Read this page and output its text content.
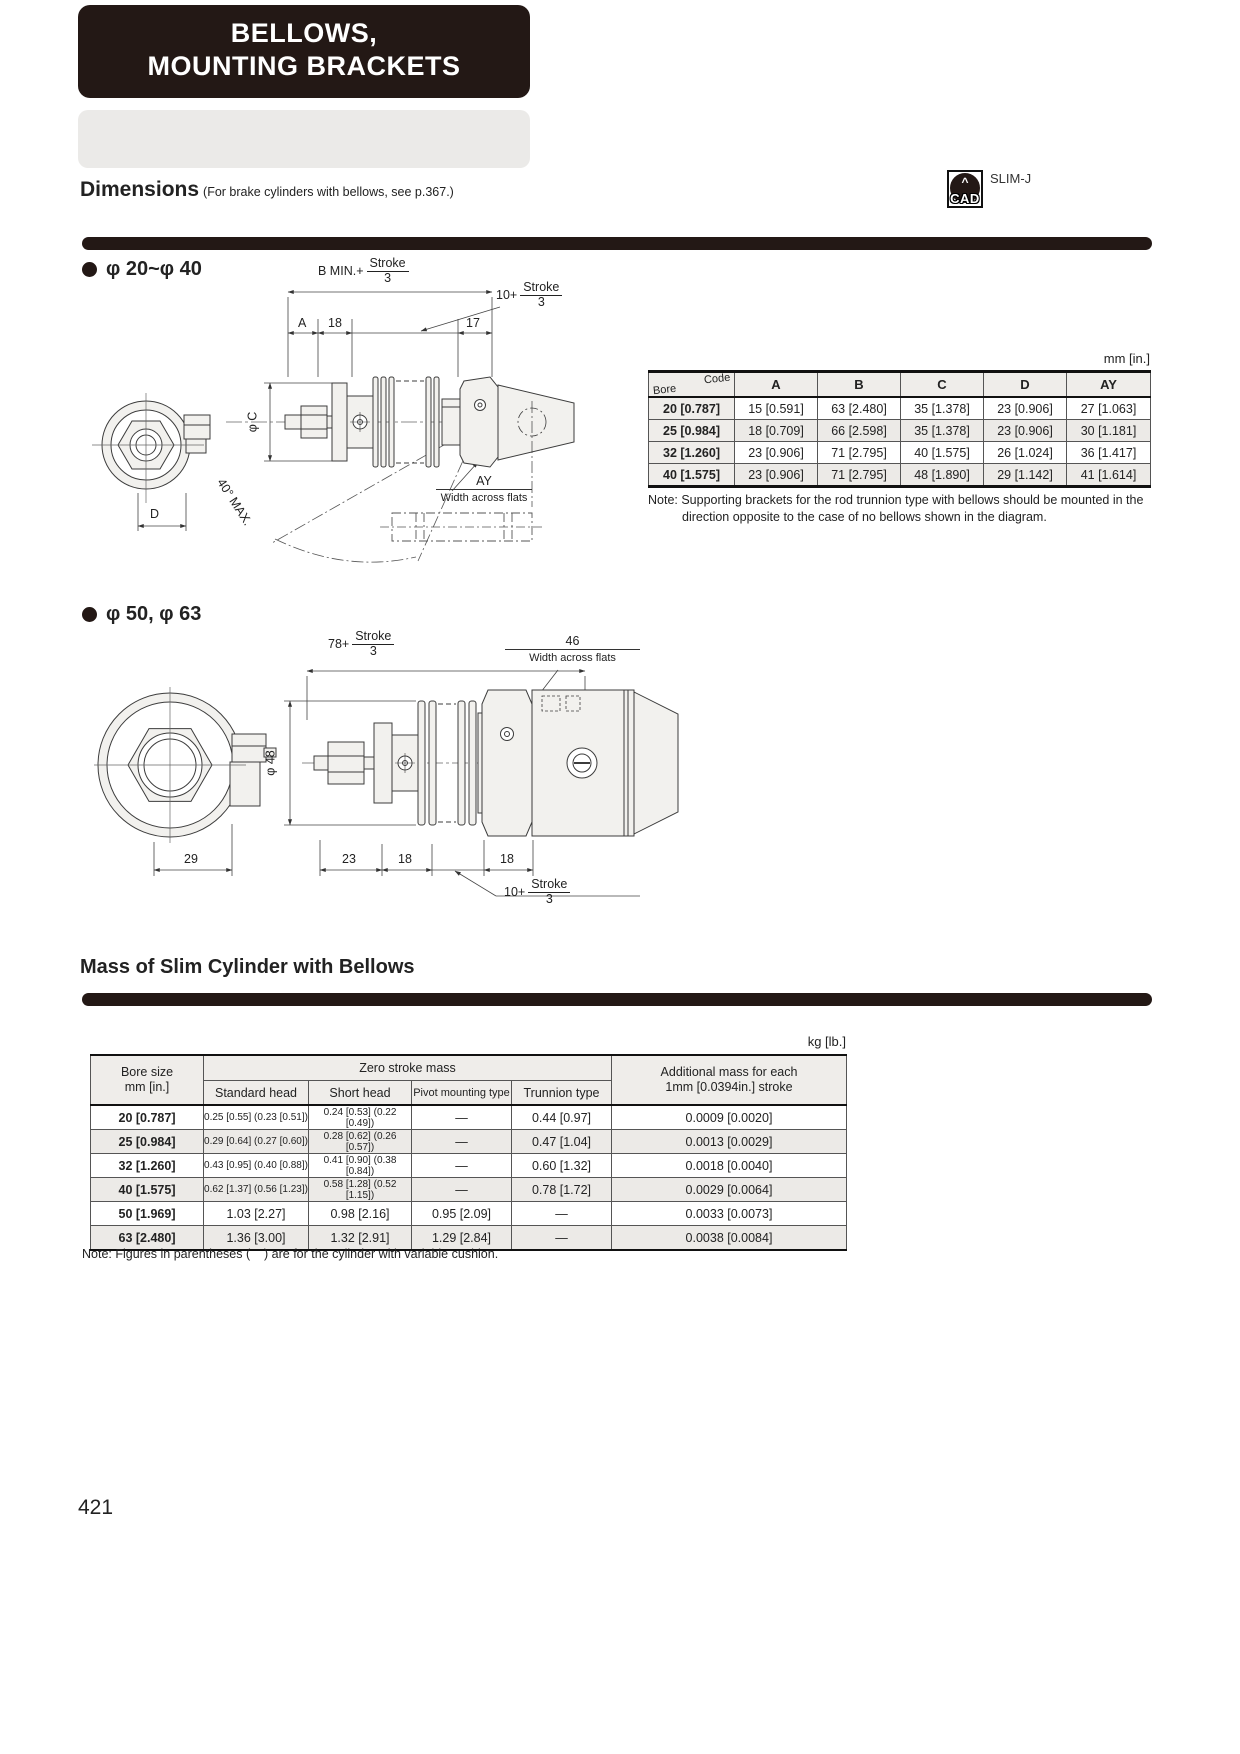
BELLOWS,
MOUNTING BRACKETS
Dimensions (For brake cylinders with bellows, see p.367.)
^
CAD
SLIM-J
φ 20~φ 40	B $MIN.+ \frac{\text{Stroke}}{3}$
$10+ \frac{\text{Stroke}}{3}$
A 18	17
φ C
40° MAX.
D
AY
Width across flats
mm [in.]
Code
Bore	A	B	C	D	AY
20 [0.787]	15 [0.591]	63 [2.480]	35 [1.378]	23 [0.906]	27 [1.063]
25 [0.984]	18 [0.709]	66 [2.598]	35 [1.378]	23 [0.906]	30 [1.181]
32 [1.260]	23 [0.906]	71 [2.795]	40 [1.575]	26 [1.024]	36 [1.417]
40 [1.575]	23 [0.906]	71 [2.795]	48 [1.890]	29 [1.142]	41 [1.614]
Note: Supporting brackets for the rod trunnion type with bellows should be mounted in the direction opposite to the case of no bellows shown in the diagram.
φ 50, φ 63
$78+ \frac{\text{Stroke}}{3}$	46
Width across flats
φ 48
29	23	18	18
$10+ \frac{\text{Stroke}}{3}$
Mass of Slim Cylinder with Bellows
kg [lb.]
Bore size
mm [in.]
	Zero stroke mass	Additional mass for each
1mm [0.0394in.] stroke

	Standard head	Short head	Pivot mounting type	Trunnion type	
20 [0.787]	0.25 [0.55] (0.23 [0.51])	0.24 [0.53] (0.22 [0.49])	—	0.44 [0.97]	0.0009 [0.0020]
25 [0.984]	0.29 [0.64] (0.27 [0.60])	0.28 [0.62] (0.26 [0.57])	—	0.47 [1.04]	0.0013 [0.0029]
32 [1.260]	0.43 [0.95] (0.40 [0.88])	0.41 [0.90] (0.38 [0.84])	—	0.60 [1.32]	0.0018 [0.0040]
40 [1.575]	0.62 [1.37] (0.56 [1.23])	0.58 [1.28] (0.52 [1.15])	—	0.78 [1.72]	0.0029 [0.0064]
50 [1.969]	1.03 [2.27]	0.98 [2.16]	0.95 [2.09]	—	0.0033 [0.0073]
63 [2.480]	1.36 [3.00]	1.32 [2.91]	1.29 [2.84]	—	0.0038 [0.0084]
Note: Figures in parentheses (    ) are for the cylinder with variable cushion.
421
